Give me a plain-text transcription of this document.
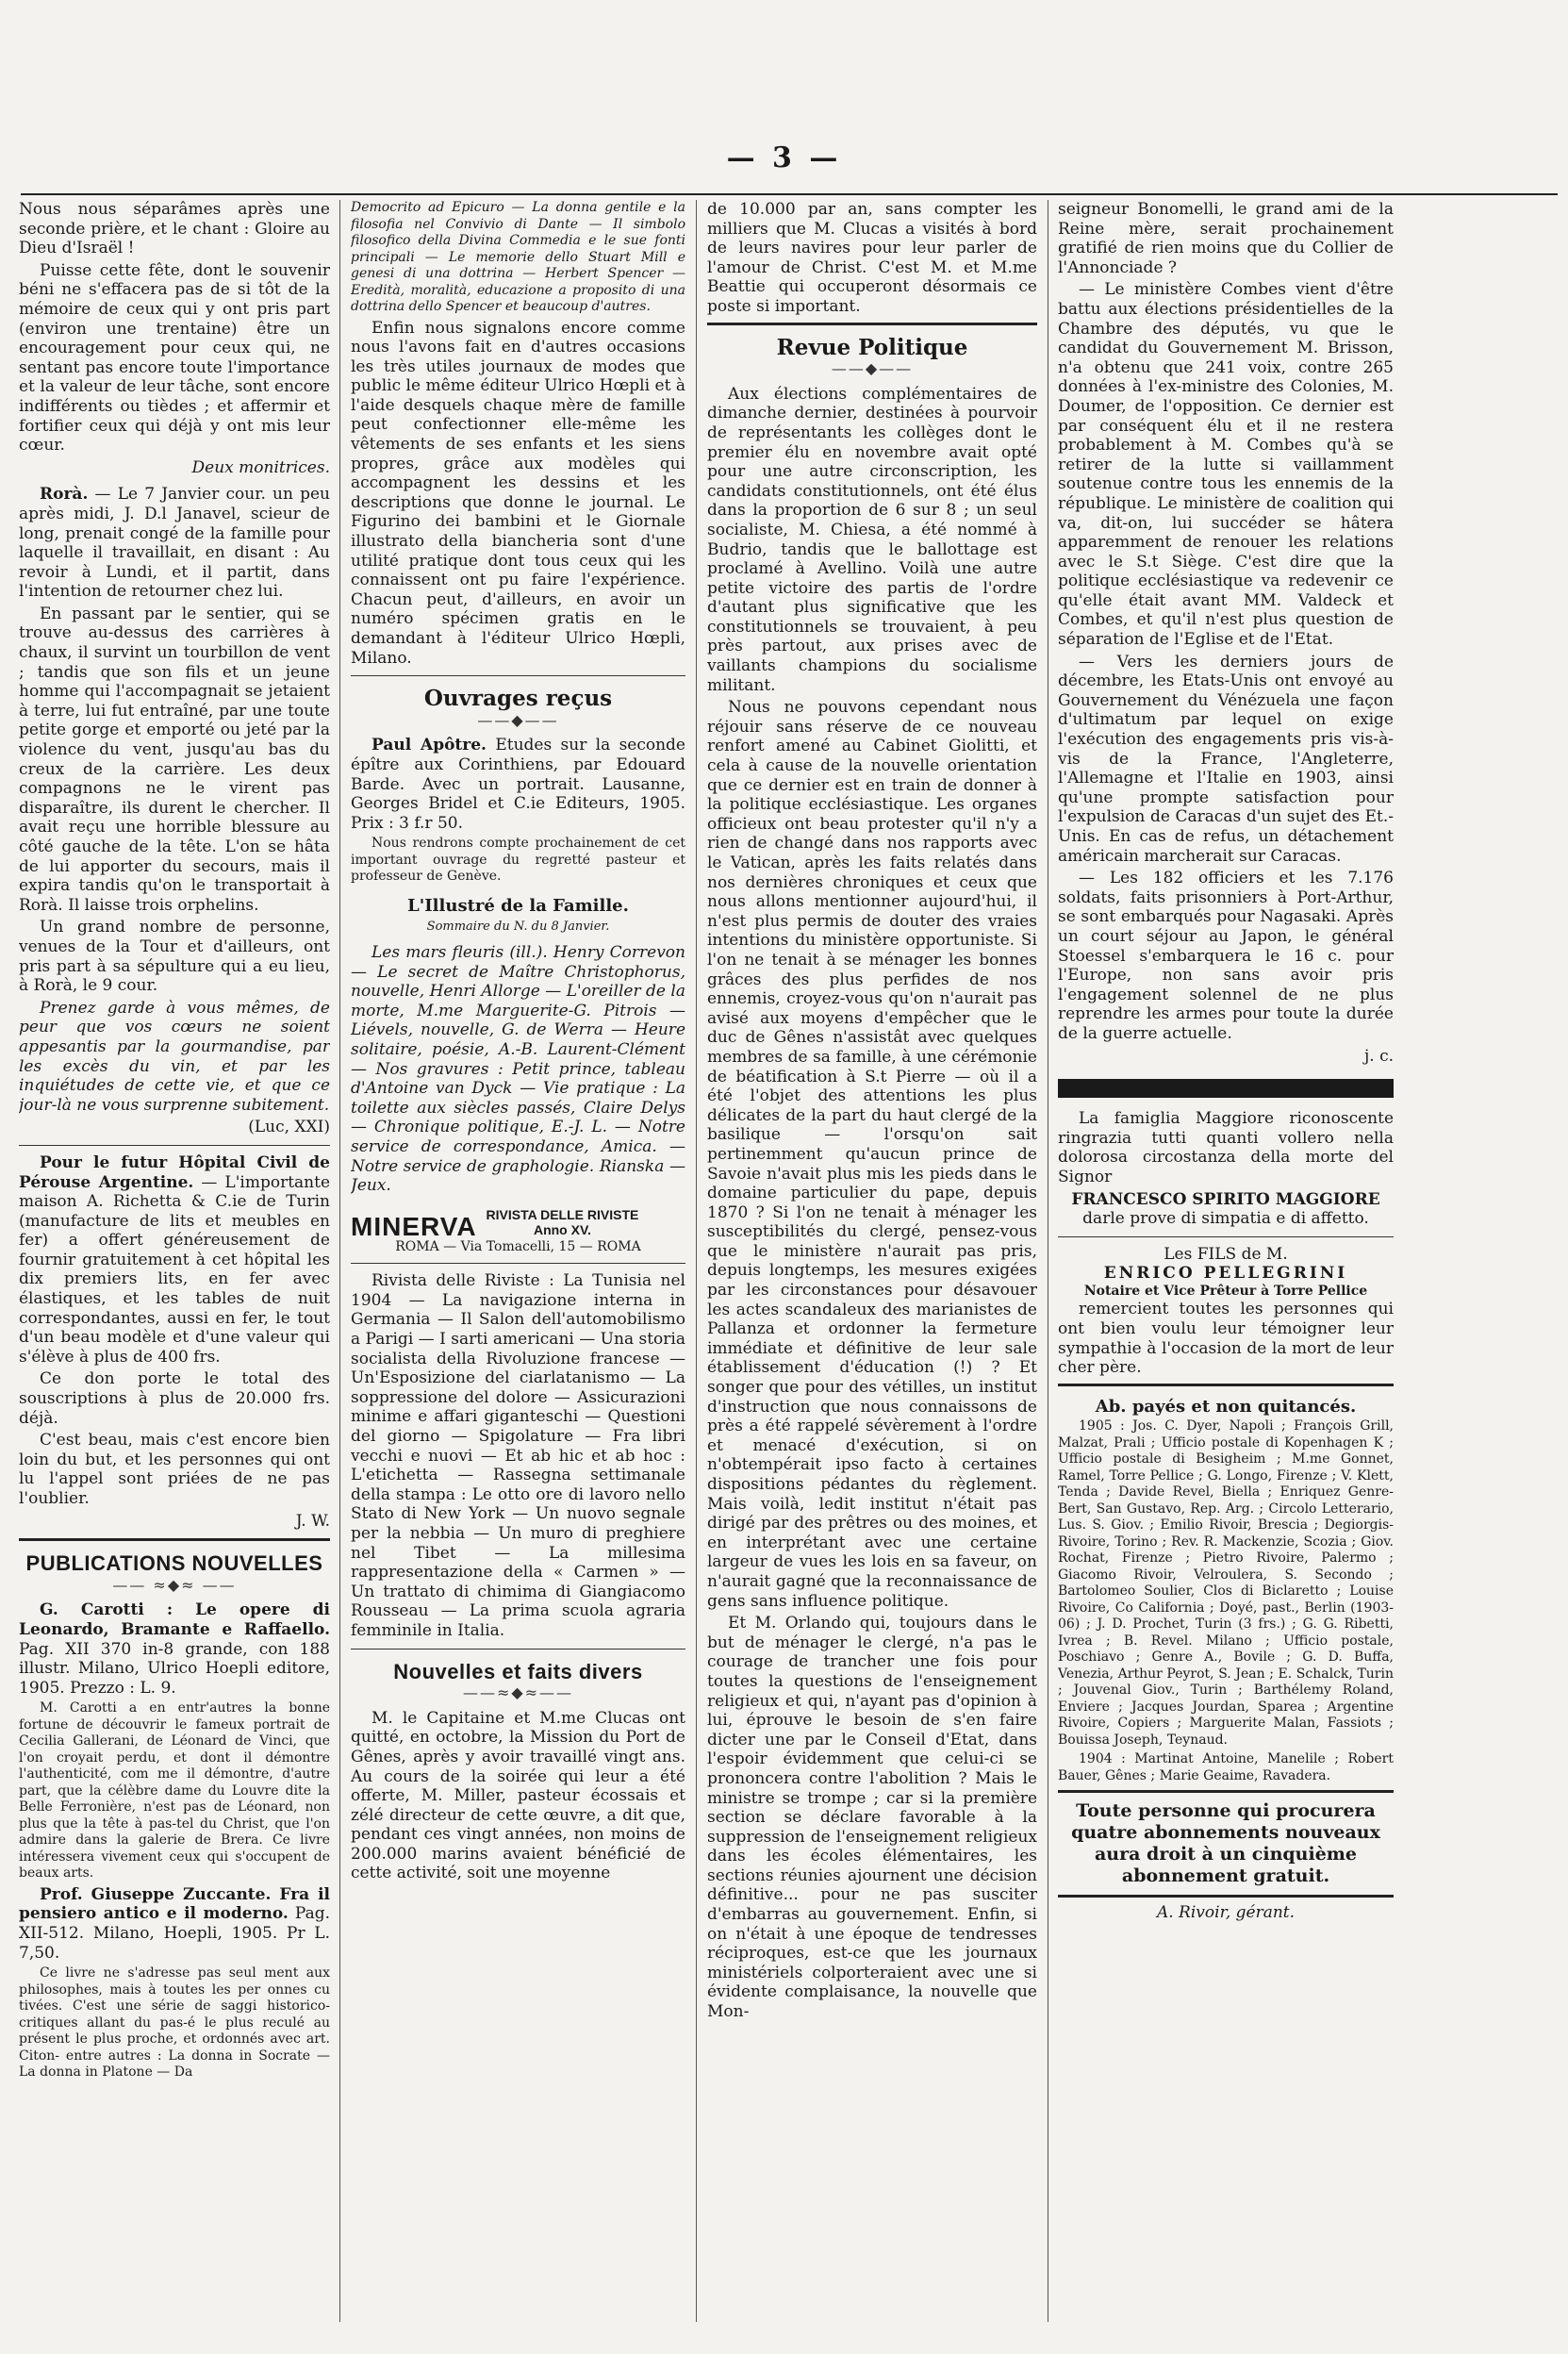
— 3 —

Nous nous séparâmes après une seconde prière, et le chant : Gloire au Dieu d'Israël !

Puisse cette fête, dont le souvenir béni ne s'effacera pas de si tôt de la mémoire de ceux qui y ont pris part (environ une trentaine) être un encouragement pour ceux qui, ne sentant pas encore toute l'importance et la valeur de leur tâche, sont encore indifférents ou tièdes ; et affermir et fortifier ceux qui déjà y ont mis leur cœur.

Deux monitrices.

Rorà. — Le 7 Janvier cour. un peu après midi, J. D.l Janavel, scieur de long, prenait congé de la famille pour laquelle il travaillait, en disant : Au revoir à Lundi, et il partit, dans l'intention de retourner chez lui.

En passant par le sentier, qui se trouve au-dessus des carrières à chaux, il survint un tourbillon de vent ; tandis que son fils et un jeune homme qui l'accompagnait se jetaient à terre, lui fut entraîné, par une toute petite gorge et emporté ou jeté par la violence du vent, jusqu'au bas du creux de la carrière. Les deux compagnons ne le virent pas disparaître, ils durent le chercher. Il avait reçu une horrible blessure au côté gauche de la tête. L'on se hâta de lui apporter du secours, mais il expira tandis qu'on le transportait à Rorà. Il laisse trois orphelins.

Un grand nombre de personne, venues de la Tour et d'ailleurs, ont pris part à sa sépulture qui a eu lieu, à Rorà, le 9 cour.

Prenez garde à vous mêmes, de peur que vos cœurs ne soient appesantis par la gourmandise, par les excès du vin, et par les inquiétudes de cette vie, et que ce jour-là ne vous surprenne subitement.

(Luc, XXI)

Pour le futur Hôpital Civil de Pérouse Argentine. — L'importante maison A. Richetta & C.ie de Turin (manufacture de lits et meubles en fer) a offert généreusement de fournir gratuitement à cet hôpital les dix premiers lits, en fer avec élastiques, et les tables de nuit correspondantes, aussi en fer, le tout d'un beau modèle et d'une valeur qui s'élève à plus de 400 frs.

Ce don porte le total des souscriptions à plus de 20.000 frs. déjà.

C'est beau, mais c'est encore bien loin du but, et les personnes qui ont lu l'appel sont priées de ne pas l'oublier.

J. W.
PUBLICATIONS NOUVELLES
—— ≈◆≈ ——

G. Carotti : Le opere di Leonardo, Bramante e Raffaello. Pag. XII 370 in-8 grande, con 188 illustr. Milano, Ulrico Hoepli editore, 1905. Prezzo : L. 9.

M. Carotti a en entr'autres la bonne fortune de découvrir le fameux portrait de Cecilia Gallerani, de Léonard de Vinci, que l'on croyait perdu, et dont il démontre l'authenticité, com me il démontre, d'autre part, que la célèbre dame du Louvre dite la Belle Ferronière, n'est pas de Léonard, non plus que la tête à pas-tel du Christ, que l'on admire dans la galerie de Brera. Ce livre intéressera vivement ceux qui s'occupent de beaux arts.

Prof. Giuseppe Zuccante. Fra il pensiero antico e il moderno. Pag. XII-512. Milano, Hoepli, 1905. Pr L. 7,50.

Ce livre ne s'adresse pas seul ment aux philosophes, mais à toutes les per onnes cu tivées. C'est une série de saggi historico-critiques allant du pas-é le plus reculé au présent le plus proche, et ordonnés avec art. Citon- entre autres : La donna in Socrate — La donna in Platone — Da

Democrito ad Epicuro — La donna gentile e la filosofia nel Convivio di Dante — Il simbolo filosofico della Divina Commedia e le sue fonti principali — Le memorie dello Stuart Mill e genesi di una dottrina — Herbert Spencer — Eredità, moralità, educazione a proposito di una dottrina dello Spencer et beaucoup d'autres.

Enfin nous signalons encore comme nous l'avons fait en d'autres occasions les très utiles journaux de modes que public le même éditeur Ulrico Hœpli et à l'aide desquels chaque mère de famille peut confectionner elle-même les vêtements de ses enfants et les siens propres, grâce aux modèles qui accompagnent les dessins et les descriptions que donne le journal. Le Figurino dei bambini et le Giornale illustrato della biancheria sont d'une utilité pratique dont tous ceux qui les connaissent ont pu faire l'expérience. Chacun peut, d'ailleurs, en avoir un numéro spécimen gratis en le demandant à l'éditeur Ulrico Hœpli, Milano.

Ouvrages reçus
——◆——

Paul Apôtre. Etudes sur la seconde épître aux Corinthiens, par Edouard Barde. Avec un portrait. Lausanne, Georges Bridel et C.ie Editeurs, 1905. Prix : 3 f.r 50.

Nous rendrons compte prochainement de cet important ouvrage du regretté pasteur et professeur de Genève.

L'Illustré de la Famille.
Sommaire du N. du 8 Janvier.

Les mars fleuris (ill.). Henry Correvon — Le secret de Maître Christophorus, nouvelle, Henri Allorge — L'oreiller de la morte, M.me Marguerite-G. Pitrois — Liévels, nouvelle, G. de Werra — Heure solitaire, poésie, A.-B. Laurent-Clément — Nos gravures : Petit prince, tableau d'Antoine van Dyck — Vie pratique : La toilette aux siècles passés, Claire Delys — Chronique politique, E.-J. L. — Notre service de correspondance, Amica. — Notre service de graphologie. Rianska — Jeux.

MINERVA RIVISTA DELLE RIVISTE
Anno XV.
ROMA — Via Tomacelli, 15 — ROMA

Rivista delle Riviste : La Tunisia nel 1904 — La navigazione interna in Germania — Il Salon dell'automobilismo a Parigi — I sarti americani — Una storia socialista della Rivoluzione francese — Un'Esposizione del ciarlatanismo — La soppressione del dolore — Assicurazioni minime e affari giganteschi — Questioni del giorno — Spigolature — Fra libri vecchi e nuovi — Et ab hic et ab hoc : L'etichetta — Rassegna settimanale della stampa : Le otto ore di lavoro nello Stato di New York — Un nuovo segnale per la nebbia — Un muro di preghiere nel Tibet — La millesima rappresentazione della « Carmen » — Un trattato di chimima di Giangiacomo Rousseau — La prima scuola agraria femminile in Italia.

Nouvelles et faits divers
——≈◆≈——

M. le Capitaine et M.me Clucas ont quitté, en octobre, la Mission du Port de Gênes, après y avoir travaillé vingt ans. Au cours de la soirée qui leur a été offerte, M. Miller, pasteur écossais et zélé directeur de cette œuvre, a dit que, pendant ces vingt années, non moins de 200.000 marins avaient bénéficié de cette activité, soit une moyenne

de 10.000 par an, sans compter les milliers que M. Clucas a visités à bord de leurs navires pour leur parler de l'amour de Christ. C'est M. et M.me Beattie qui occuperont désormais ce poste si important.

Revue Politique
——◆——

Aux élections complémentaires de dimanche dernier, destinées à pourvoir de représentants les collèges dont le premier élu en novembre avait opté pour une autre circonscription, les candidats constitutionnels, ont été élus dans la proportion de 6 sur 8 ; un seul socialiste, M. Chiesa, a été nommé à Budrio, tandis que le ballottage est proclamé à Avellino. Voilà une autre petite victoire des partis de l'ordre d'autant plus significative que les constitutionnels se trouvaient, à peu près partout, aux prises avec de vaillants champions du socialisme militant.

Nous ne pouvons cependant nous réjouir sans réserve de ce nouveau renfort amené au Cabinet Giolitti, et cela à cause de la nouvelle orientation que ce dernier est en train de donner à la politique ecclésiastique. Les organes officieux ont beau protester qu'il n'y a rien de changé dans nos rapports avec le Vatican, après les faits relatés dans nos dernières chroniques et ceux que nous allons mentionner aujourd'hui, il n'est plus permis de douter des vraies intentions du ministère opportuniste. Si l'on ne tenait à se ménager les bonnes grâces des plus perfides de nos ennemis, croyez-vous qu'on n'aurait pas avisé aux moyens d'empêcher que le duc de Gênes n'assistât avec quelques membres de sa famille, à une cérémonie de béatification à S.t Pierre — où il a été l'objet des attentions les plus délicates de la part du haut clergé de la basilique — l'orsqu'on sait pertinemment qu'aucun prince de Savoie n'avait plus mis les pieds dans le domaine particulier du pape, depuis 1870 ? Si l'on ne tenait à ménager les susceptibilités du clergé, pensez-vous que le ministère n'aurait pas pris, depuis longtemps, les mesures exigées par les circonstances pour désavouer les actes scandaleux des marianistes de Pallanza et ordonner la fermeture immédiate et définitive de leur sale établissement d'éducation (!) ? Et songer que pour des vétilles, un institut d'instruction que nous connaissons de près a été rappelé sévèrement à l'ordre et menacé d'exécution, si on n'obtempérait ipso facto à certaines dispositions pédantes du règlement. Mais voilà, ledit institut n'était pas dirigé par des prêtres ou des moines, et en interprétant avec une certaine largeur de vues les lois en sa faveur, on n'aurait gagné que la reconnaissance de gens sans influence politique.

Et M. Orlando qui, toujours dans le but de ménager le clergé, n'a pas le courage de trancher une fois pour toutes la questions de l'enseignement religieux et qui, n'ayant pas d'opinion à lui, éprouve le besoin de s'en faire dicter une par le Conseil d'Etat, dans l'espoir évidemment que celui-ci se prononcera contre l'abolition ? Mais le ministre se trompe ; car si la première section se déclare favorable à la suppression de l'enseignement religieux dans les écoles élémentaires, les sections réunies ajournent une décision définitive... pour ne pas susciter d'embarras au gouvernement. Enfin, si on n'était à une époque de tendresses réciproques, est-ce que les journaux ministériels colporteraient avec une si évidente complaisance, la nouvelle que Mon-

seigneur Bonomelli, le grand ami de la Reine mère, serait prochainement gratifié de rien moins que du Collier de l'Annonciade ?

— Le ministère Combes vient d'être battu aux élections présidentielles de la Chambre des députés, vu que le candidat du Gouvernement M. Brisson, n'a obtenu que 241 voix, contre 265 données à l'ex-ministre des Colonies, M. Doumer, de l'opposition. Ce dernier est par conséquent élu et il ne restera probablement à M. Combes qu'à se retirer de la lutte si vaillamment soutenue contre tous les ennemis de la république. Le ministère de coalition qui va, dit-on, lui succéder se hâtera apparemment de renouer les relations avec le S.t Siège. C'est dire que la politique ecclésiastique va redevenir ce qu'elle était avant MM. Valdeck et Combes, et qu'il n'est plus question de séparation de l'Eglise et de l'Etat.

— Vers les derniers jours de décembre, les Etats-Unis ont envoyé au Gouvernement du Vénézuela une façon d'ultimatum par lequel on exige l'exécution des engagements pris vis-à-vis de la France, l'Angleterre, l'Allemagne et l'Italie en 1903, ainsi qu'une prompte satisfaction pour l'expulsion de Caracas d'un sujet des Et.-Unis. En cas de refus, un détachement américain marcherait sur Caracas.

— Les 182 officiers et les 7.176 soldats, faits prisonniers à Port-Arthur, se sont embarqués pour Nagasaki. Après un court séjour au Japon, le général Stoessel s'embarquera le 16 c. pour l'Europe, non sans avoir pris l'engagement solennel de ne plus reprendre les armes pour toute la durée de la guerre actuelle.

j. c.

La famiglia Maggiore riconoscente ringrazia tutti quanti vollero nella dolorosa circostanza della morte del Signor

FRANCESCO SPIRITO MAGGIORE
darle prove di simpatia e di affetto.
Les FILS de M.
ENRICO PELLEGRINI
Notaire et Vice Prêteur à Torre Pellice

remercient toutes les personnes qui ont bien voulu leur témoigner leur sympathie à l'occasion de la mort de leur cher père.

Ab. payés et non quitancés.

1905 : Jos. C. Dyer, Napoli ; François Grill, Malzat, Prali ; Ufficio postale di Kopenhagen K ; Ufficio postale di Besigheim ; M.me Gonnet, Ramel, Torre Pellice ; G. Longo, Firenze ; V. Klett, Tenda ; Davide Revel, Biella ; Enriquez Genre-Bert, San Gustavo, Rep. Arg. ; Circolo Letterario, Lus. S. Giov. ; Emilio Rivoir, Brescia ; Degiorgis-Rivoire, Torino ; Rev. R. Mackenzie, Scozia ; Giov. Rochat, Firenze ; Pietro Rivoire, Palermo ; Giacomo Rivoir, Velroulera, S. Secondo ; Bartolomeo Soulier, Clos di Biclaretto ; Louise Rivoire, Co California ; Doyé, past., Berlin (1903-06) ; J. D. Prochet, Turin (3 frs.) ; G. G. Ribetti, Ivrea ; B. Revel. Milano ; Ufficio postale, Poschiavo ; Genre A., Bovile ; G. D. Buffa, Venezia, Arthur Peyrot, S. Jean ; E. Schalck, Turin ; Jouvenal Giov., Turin ; Barthélemy Roland, Enviere ; Jacques Jourdan, Sparea ; Argentine Rivoire, Copiers ; Marguerite Malan, Fassiots ; Bouissa Joseph, Teynaud.

1904 : Martinat Antoine, Manelile ; Robert Bauer, Gênes ; Marie Geaime, Ravadera.

Toute personne qui procurera quatre abonnements nouveaux aura droit à un cinquième abonnement gratuit.
A. Rivoir, gérant.
